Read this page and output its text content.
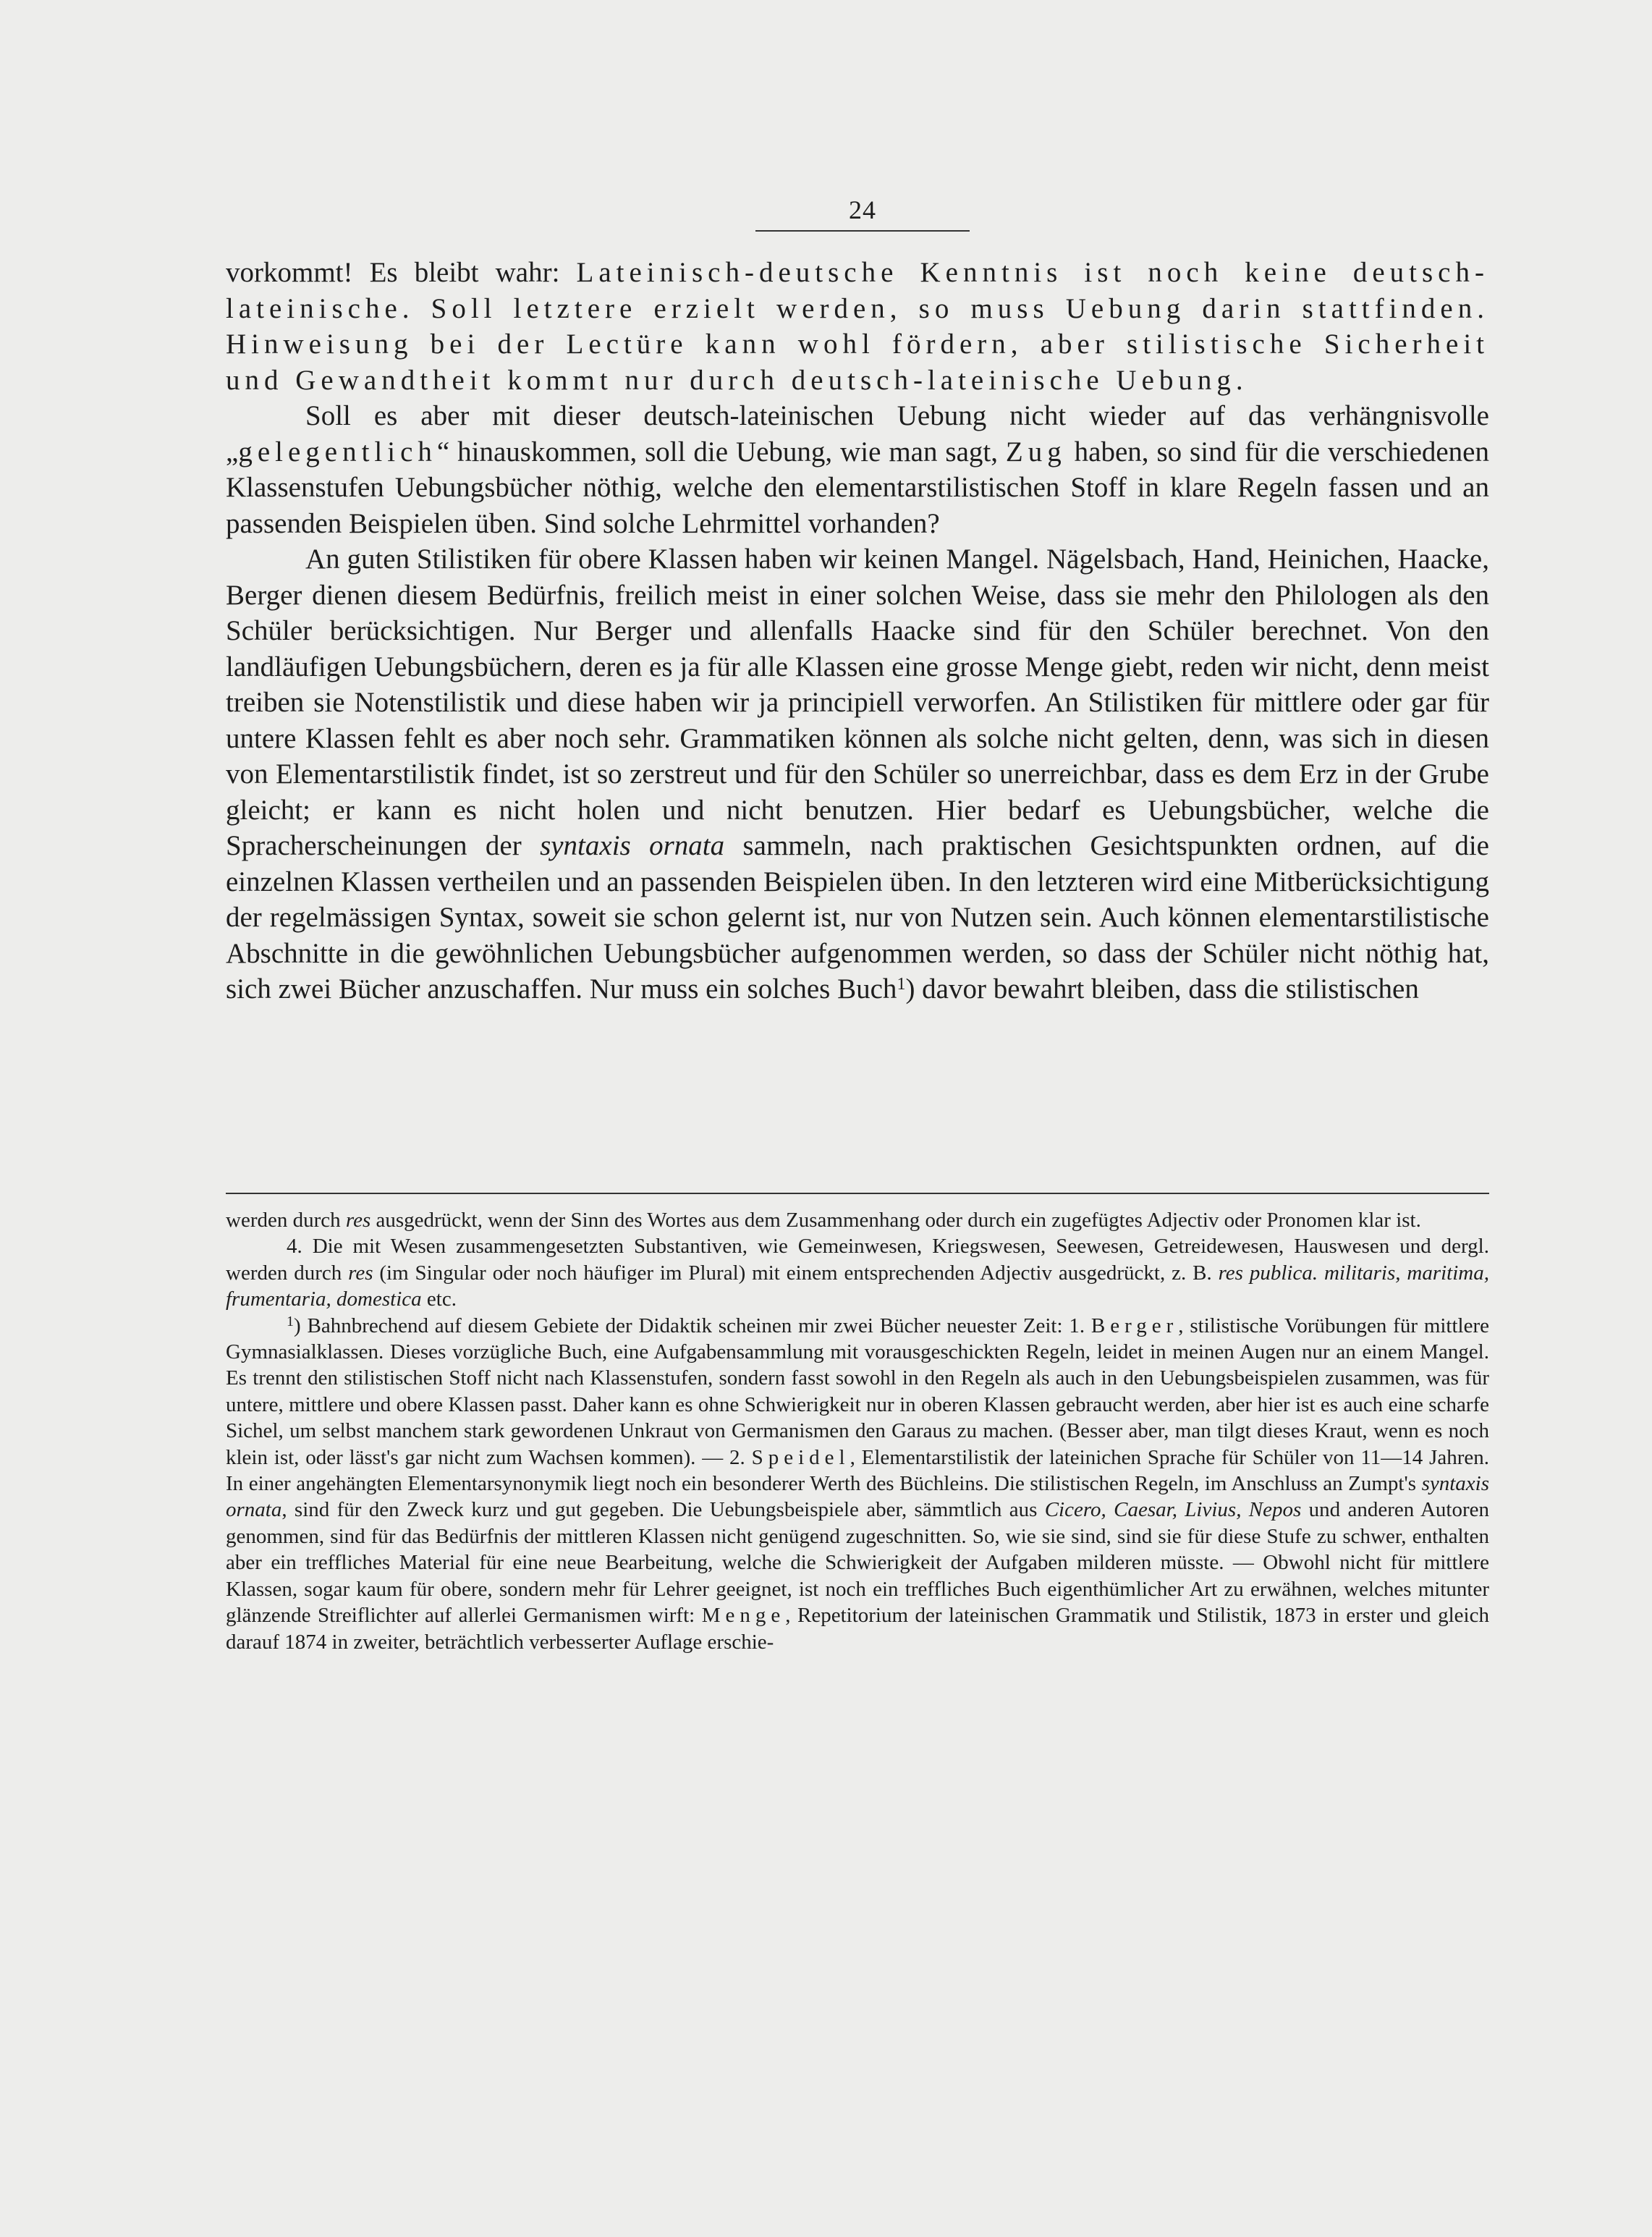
24

vorkommt! Es bleibt wahr: Lateinisch-deutsche Kenntnis ist noch keine deutsch-lateinische. Soll letztere erzielt werden, so muss Uebung darin stattfinden. Hinweisung bei der Lectüre kann wohl fördern, aber stilistische Sicherheit und Gewandtheit kommt nur durch deutsch-lateinische Uebung.

Soll es aber mit dieser deutsch-lateinischen Uebung nicht wieder auf das verhängnisvolle „gelegentlich“ hinauskommen, soll die Uebung, wie man sagt, Zug haben, so sind für die verschiedenen Klassenstufen Uebungsbücher nöthig, welche den elementarstilistischen Stoff in klare Regeln fassen und an passenden Beispielen üben. Sind solche Lehrmittel vorhanden?

An guten Stilistiken für obere Klassen haben wir keinen Mangel. Nägelsbach, Hand, Heinichen, Haacke, Berger dienen diesem Bedürfnis, freilich meist in einer solchen Weise, dass sie mehr den Philologen als den Schüler berücksichtigen. Nur Berger und allenfalls Haacke sind für den Schüler berechnet. Von den landläufigen Uebungsbüchern, deren es ja für alle Klassen eine grosse Menge giebt, reden wir nicht, denn meist treiben sie Notenstilistik und diese haben wir ja principiell verworfen. An Stilistiken für mittlere oder gar für untere Klassen fehlt es aber noch sehr. Grammatiken können als solche nicht gelten, denn, was sich in diesen von Elementarstilistik findet, ist so zerstreut und für den Schüler so unerreichbar, dass es dem Erz in der Grube gleicht; er kann es nicht holen und nicht benutzen. Hier bedarf es Uebungsbücher, welche die Spracherscheinungen der syntaxis ornata sammeln, nach praktischen Gesichtspunkten ordnen, auf die einzelnen Klassen vertheilen und an passenden Beispielen üben. In den letzteren wird eine Mitberücksichtigung der regelmässigen Syntax, soweit sie schon gelernt ist, nur von Nutzen sein. Auch können elementarstilistische Abschnitte in die gewöhnlichen Uebungsbücher aufgenommen werden, so dass der Schüler nicht nöthig hat, sich zwei Bücher anzuschaffen. Nur muss ein solches Buch$^1$) davor bewahrt bleiben, dass die stilistischen

werden durch res ausgedrückt, wenn der Sinn des Wortes aus dem Zusammenhang oder durch ein zugefügtes Adjectiv oder Pronomen klar ist.

4. Die mit Wesen zusammengesetzten Substantiven, wie Gemeinwesen, Kriegswesen, Seewesen, Getreidewesen, Hauswesen und dergl. werden durch res (im Singular oder noch häufiger im Plural) mit einem entsprechenden Adjectiv ausgedrückt, z. B. res publica. militaris, maritima, frumentaria, domestica etc.

$^1$) Bahnbrechend auf diesem Gebiete der Didaktik scheinen mir zwei Bücher neuester Zeit: 1. Berger, stilistische Vorübungen für mittlere Gymnasialklassen. Dieses vorzügliche Buch, eine Aufgabensammlung mit vorausgeschickten Regeln, leidet in meinen Augen nur an einem Mangel. Es trennt den stilistischen Stoff nicht nach Klassenstufen, sondern fasst sowohl in den Regeln als auch in den Uebungsbeispielen zusammen, was für untere, mittlere und obere Klassen passt. Daher kann es ohne Schwierigkeit nur in oberen Klassen gebraucht werden, aber hier ist es auch eine scharfe Sichel, um selbst manchem stark gewordenen Unkraut von Germanismen den Garaus zu machen. (Besser aber, man tilgt dieses Kraut, wenn es noch klein ist, oder lässt's gar nicht zum Wachsen kommen). — 2. Speidel, Elementarstilistik der lateinichen Sprache für Schüler von 11—14 Jahren. In einer angehängten Elementarsynonymik liegt noch ein besonderer Werth des Büchleins. Die stilistischen Regeln, im Anschluss an Zumpt's syntaxis ornata, sind für den Zweck kurz und gut gegeben. Die Uebungsbeispiele aber, sämmtlich aus Cicero, Caesar, Livius, Nepos und anderen Autoren genommen, sind für das Bedürfnis der mittleren Klassen nicht genügend zugeschnitten. So, wie sie sind, sind sie für diese Stufe zu schwer, enthalten aber ein treffliches Material für eine neue Bearbeitung, welche die Schwierigkeit der Aufgaben milderen müsste. — Obwohl nicht für mittlere Klassen, sogar kaum für obere, sondern mehr für Lehrer geeignet, ist noch ein treffliches Buch eigenthümlicher Art zu erwähnen, welches mitunter glänzende Streiflichter auf allerlei Germanismen wirft: Menge, Repetitorium der lateinischen Grammatik und Stilistik, 1873 in erster und gleich darauf 1874 in zweiter, beträchtlich verbesserter Auflage erschie-
